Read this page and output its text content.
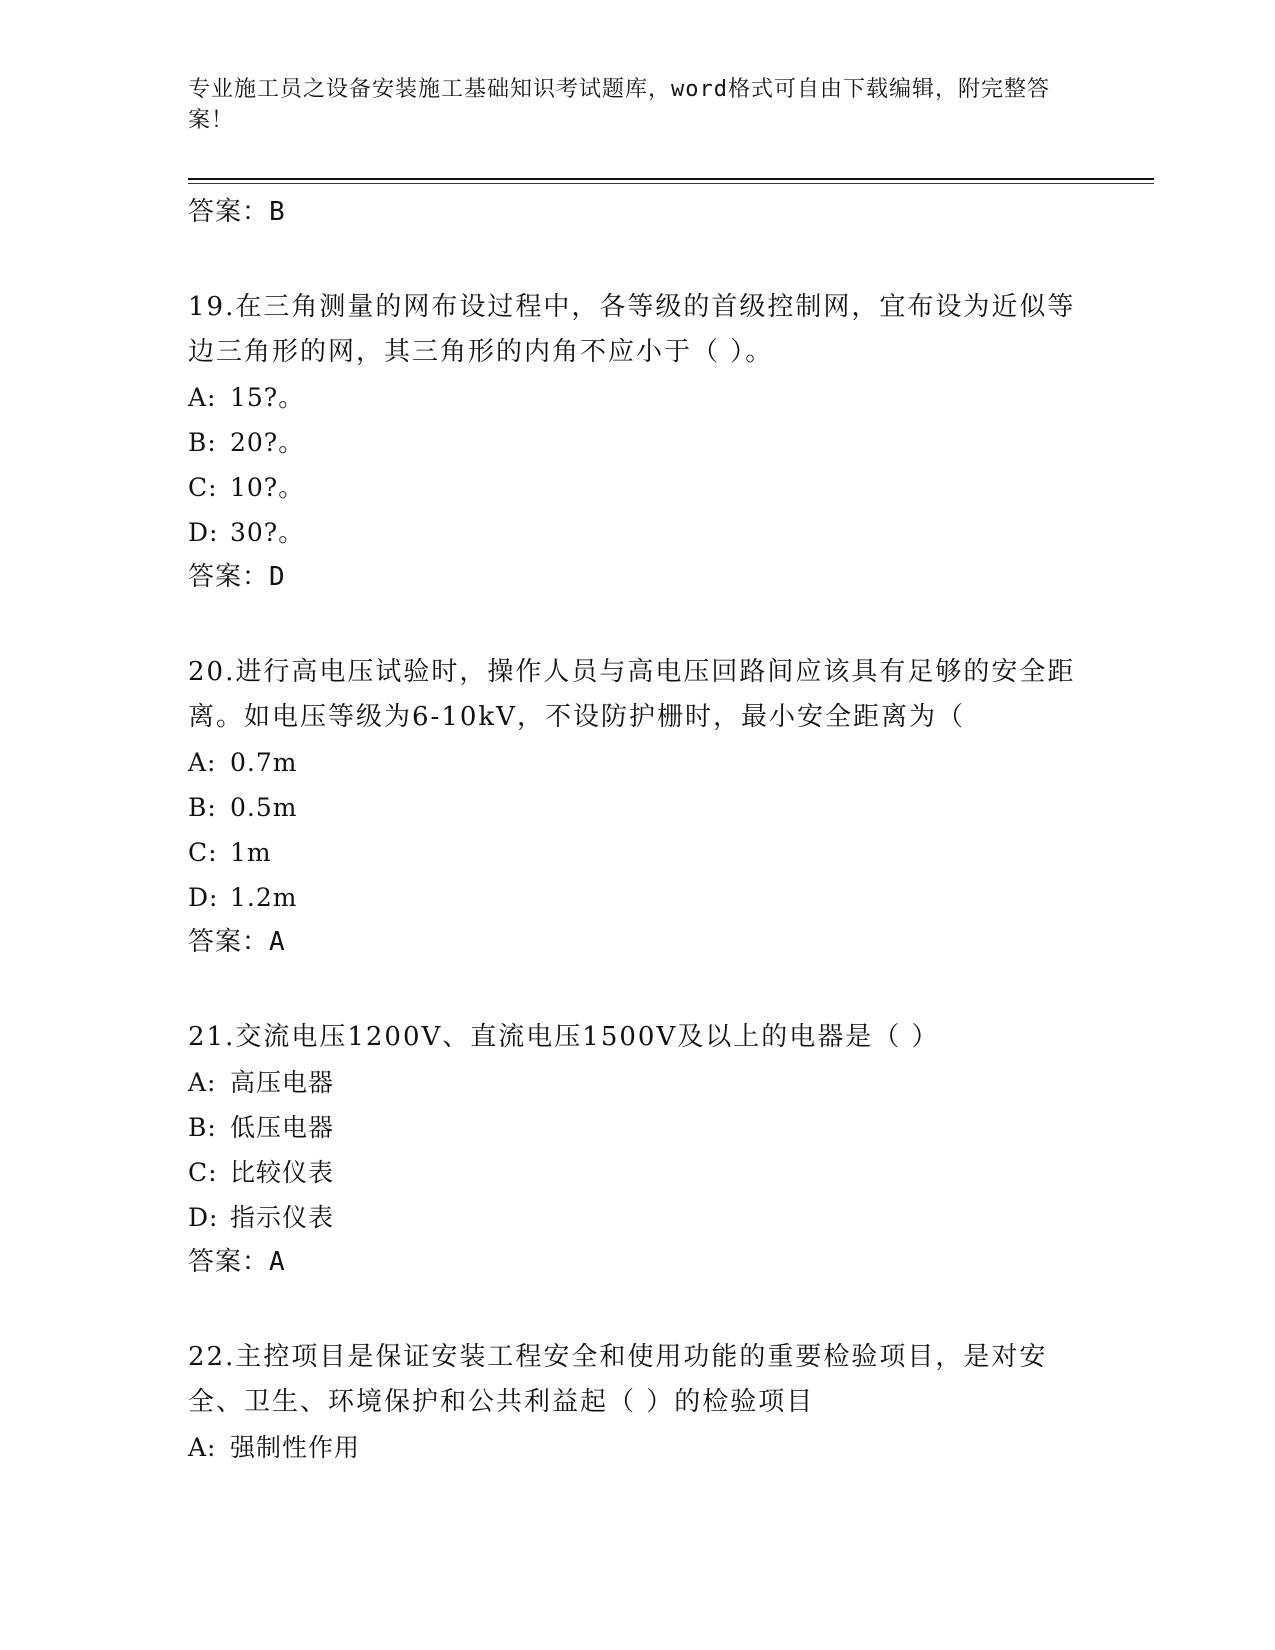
专业施工员之设备安装施工基础知识考试题库，word格式可自由下载编辑，附完整答案！
答案：B
19.在三角测量的网布设过程中，各等级的首级控制网，宜布设为近似等边三角形的网，其三角形的内角不应小于（ ）。
A: 15?。
B: 20?。
C: 10?。
D: 30?。
答案：D
20.进行高电压试验时，操作人员与高电压回路间应该具有足够的安全距离。如电压等级为6-10kV，不设防护栅时，最小安全距离为（
A: 0.7m
B: 0.5m
C: 1m
D: 1.2m
答案：A
21.交流电压1200V、直流电压1500V及以上的电器是（ ）
A: 高压电器
B: 低压电器
C: 比较仪表
D: 指示仪表
答案：A
22.主控项目是保证安装工程安全和使用功能的重要检验项目，是对安全、卫生、环境保护和公共利益起（ ）的检验项目
A: 强制性作用
